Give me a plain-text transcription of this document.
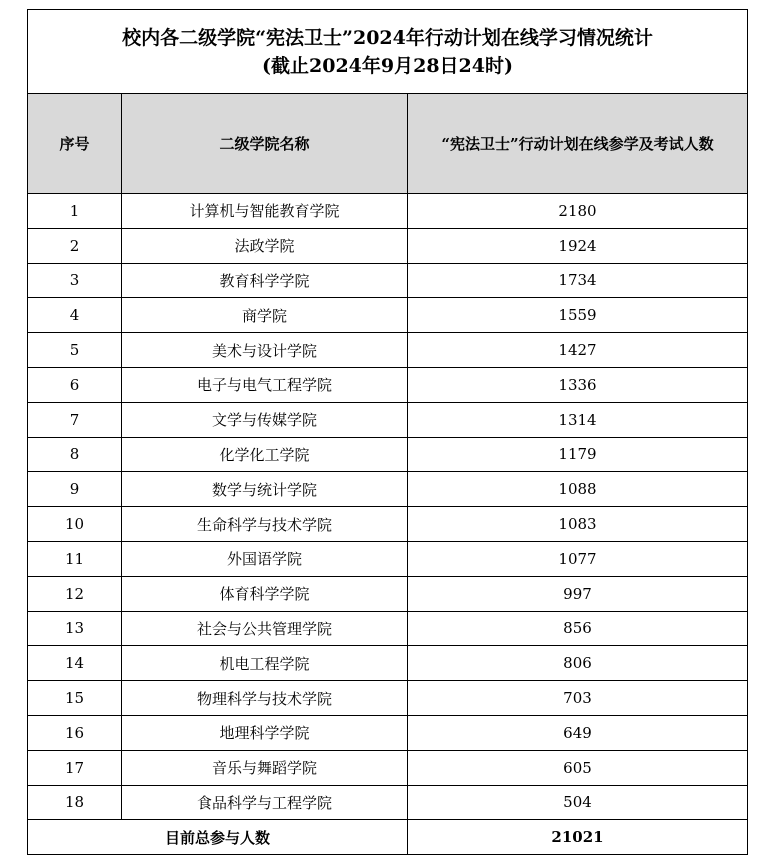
校内各二级学院“宪法卫士”2024年行动计划在线学习情况统计
(截止2024年9月28日24时)		

序号	二级学院名称	“宪法卫士”行动计划在线参学及考试人数
1	计算机与智能教育学院	2180
2	法政学院	1924
3	教育科学学院	1734
4	商学院	1559
5	美术与设计学院	1427
6	电子与电气工程学院	1336
7	文学与传媒学院	1314
8	化学化工学院	1179
9	数学与统计学院	1088
10	生命科学与技术学院	1083
11	外国语学院	1077
12	体育科学学院	997
13	社会与公共管理学院	856
14	机电工程学院	806
15	物理科学与技术学院	703
16	地理科学学院	649
17	音乐与舞蹈学院	605
18	食品科学与工程学院	504
目前总参与人数		21021
